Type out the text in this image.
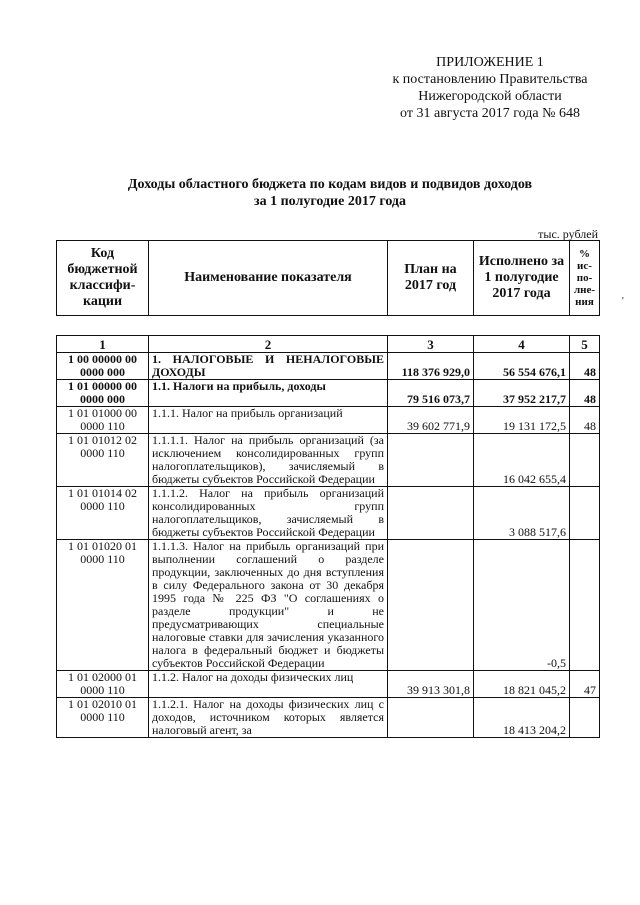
ПРИЛОЖЕНИЕ 1
к постановлению Правительства
Нижегородской области
от 31 августа 2017 года № 648
Доходы областного бюджета по кодам видов и подвидов доходов
за 1 полугодие 2017 года
тыс. рублей
Код бюджетной классифи-кации	Наименование показателя	План на 2017 год	Исполнено за 1 полугодие 2017 года	% ис-по-лне-ния	'
1	2	3	4	5
1 00 00000 00 0000 000	1. НАЛОГОВЫЕ И НЕНАЛОГОВЫЕ ДОХОДЫ	118 376 929,0	56 554 676,1	48
1 01 00000 00 0000 000	1.1. Налоги на прибыль, доходы	79 516 073,7	37 952 217,7	48
1 01 01000 00 0000 110	1.1.1. Налог на прибыль организаций	39 602 771,9	19 131 172,5	48
1 01 01012 02 0000 110	1.1.1.1. Налог на прибыль организаций (за исключением консолидированных групп налогоплательщиков), зачисляемый в бюджеты субъектов Российской Федерации		16 042 655,4	
1 01 01014 02 0000 110	1.1.1.2. Налог на прибыль организаций консолидированных групп налогоплательщиков, зачисляемый в бюджеты субъектов Российской Федерации		3 088 517,6	
1 01 01020 01 0000 110	1.1.1.3. Налог на прибыль организаций при выполнении соглашений о разделе продукции, заключенных до дня вступления в силу Федерального закона от 30 декабря 1995 года № 225 ФЗ "О соглашениях о разделе продукции" и не предусматривающих специальные налоговые ставки для зачисления указанного налога в федеральный бюджет и бюджеты субъектов Российской Федерации		-0,5	
1 01 02000 01 0000 110	1.1.2. Налог на доходы физических лиц	39 913 301,8	18 821 045,2	47
1 01 02010 01 0000 110	1.1.2.1. Налог на доходы физических лиц с доходов, источником которых является налоговый агент, за		18 413 204,2	
